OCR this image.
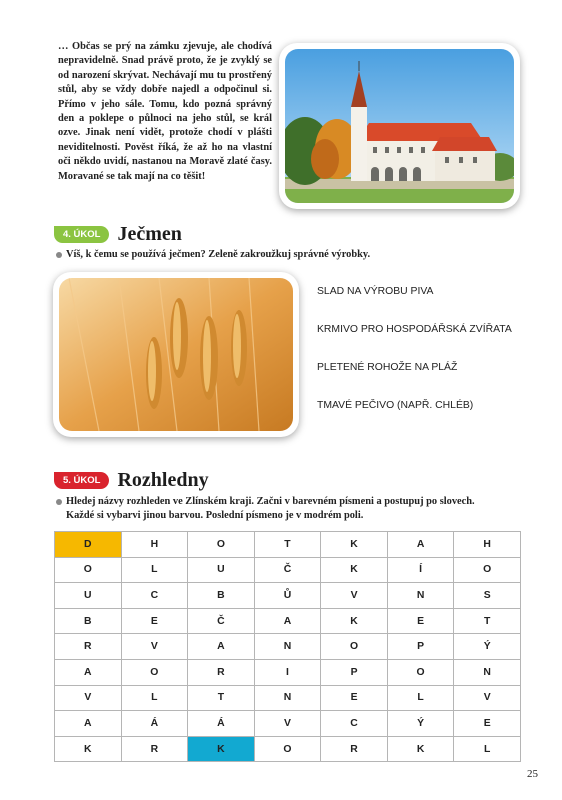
… Občas se prý na zámku zjevuje, ale chodívá nepravidelně. Snad právě proto, že je zvyklý se od narození skrývat. Nechávají mu tu prostřený stůl, aby se vždy dobře najedl a odpočinul si. Přímo v jeho sále. Tomu, kdo pozná správný den a poklepe o půlnoci na jeho stůl, se král ozve. Jinak není vidět, protože chodí v plášti neviditelnosti. Pověst říká, že až ho na vlastní oči někdo uvidí, nastanou na Moravě zlaté časy. Moravané se tak mají na co těšit!

4. ÚKOL Ječmen

Víš, k čemu se používá ječmen? Zeleně zakroužkuj správné výrobky.

SLAD NA VÝROBU PIVA
KRMIVO PRO HOSPODÁŘSKÁ ZVÍŘATA
PLETENÉ ROHOŽE NA PLÁŽ
TMAVÉ PEČIVO (NAPŘ. CHLÉB)
5. ÚKOL Rozhledny

Hledej názvy rozhleden ve Zlínském kraji. Začni v barevném písmeni a postupuj po slovech.
Každé si vybarvi jinou barvou. Poslední písmeno je v modrém poli.

D	H	O	T	K	A	H
O	L	U	Č	K	Í	O
U	C	B	Ů	V	N	S
B	E	Č	A	K	E	T
R	V	A	N	O	P	Ý
A	O	R	I	P	O	N
V	L	T	N	E	L	V
A	Á	Á	V	C	Ý	E
K	R	K	O	R	K	L
25
